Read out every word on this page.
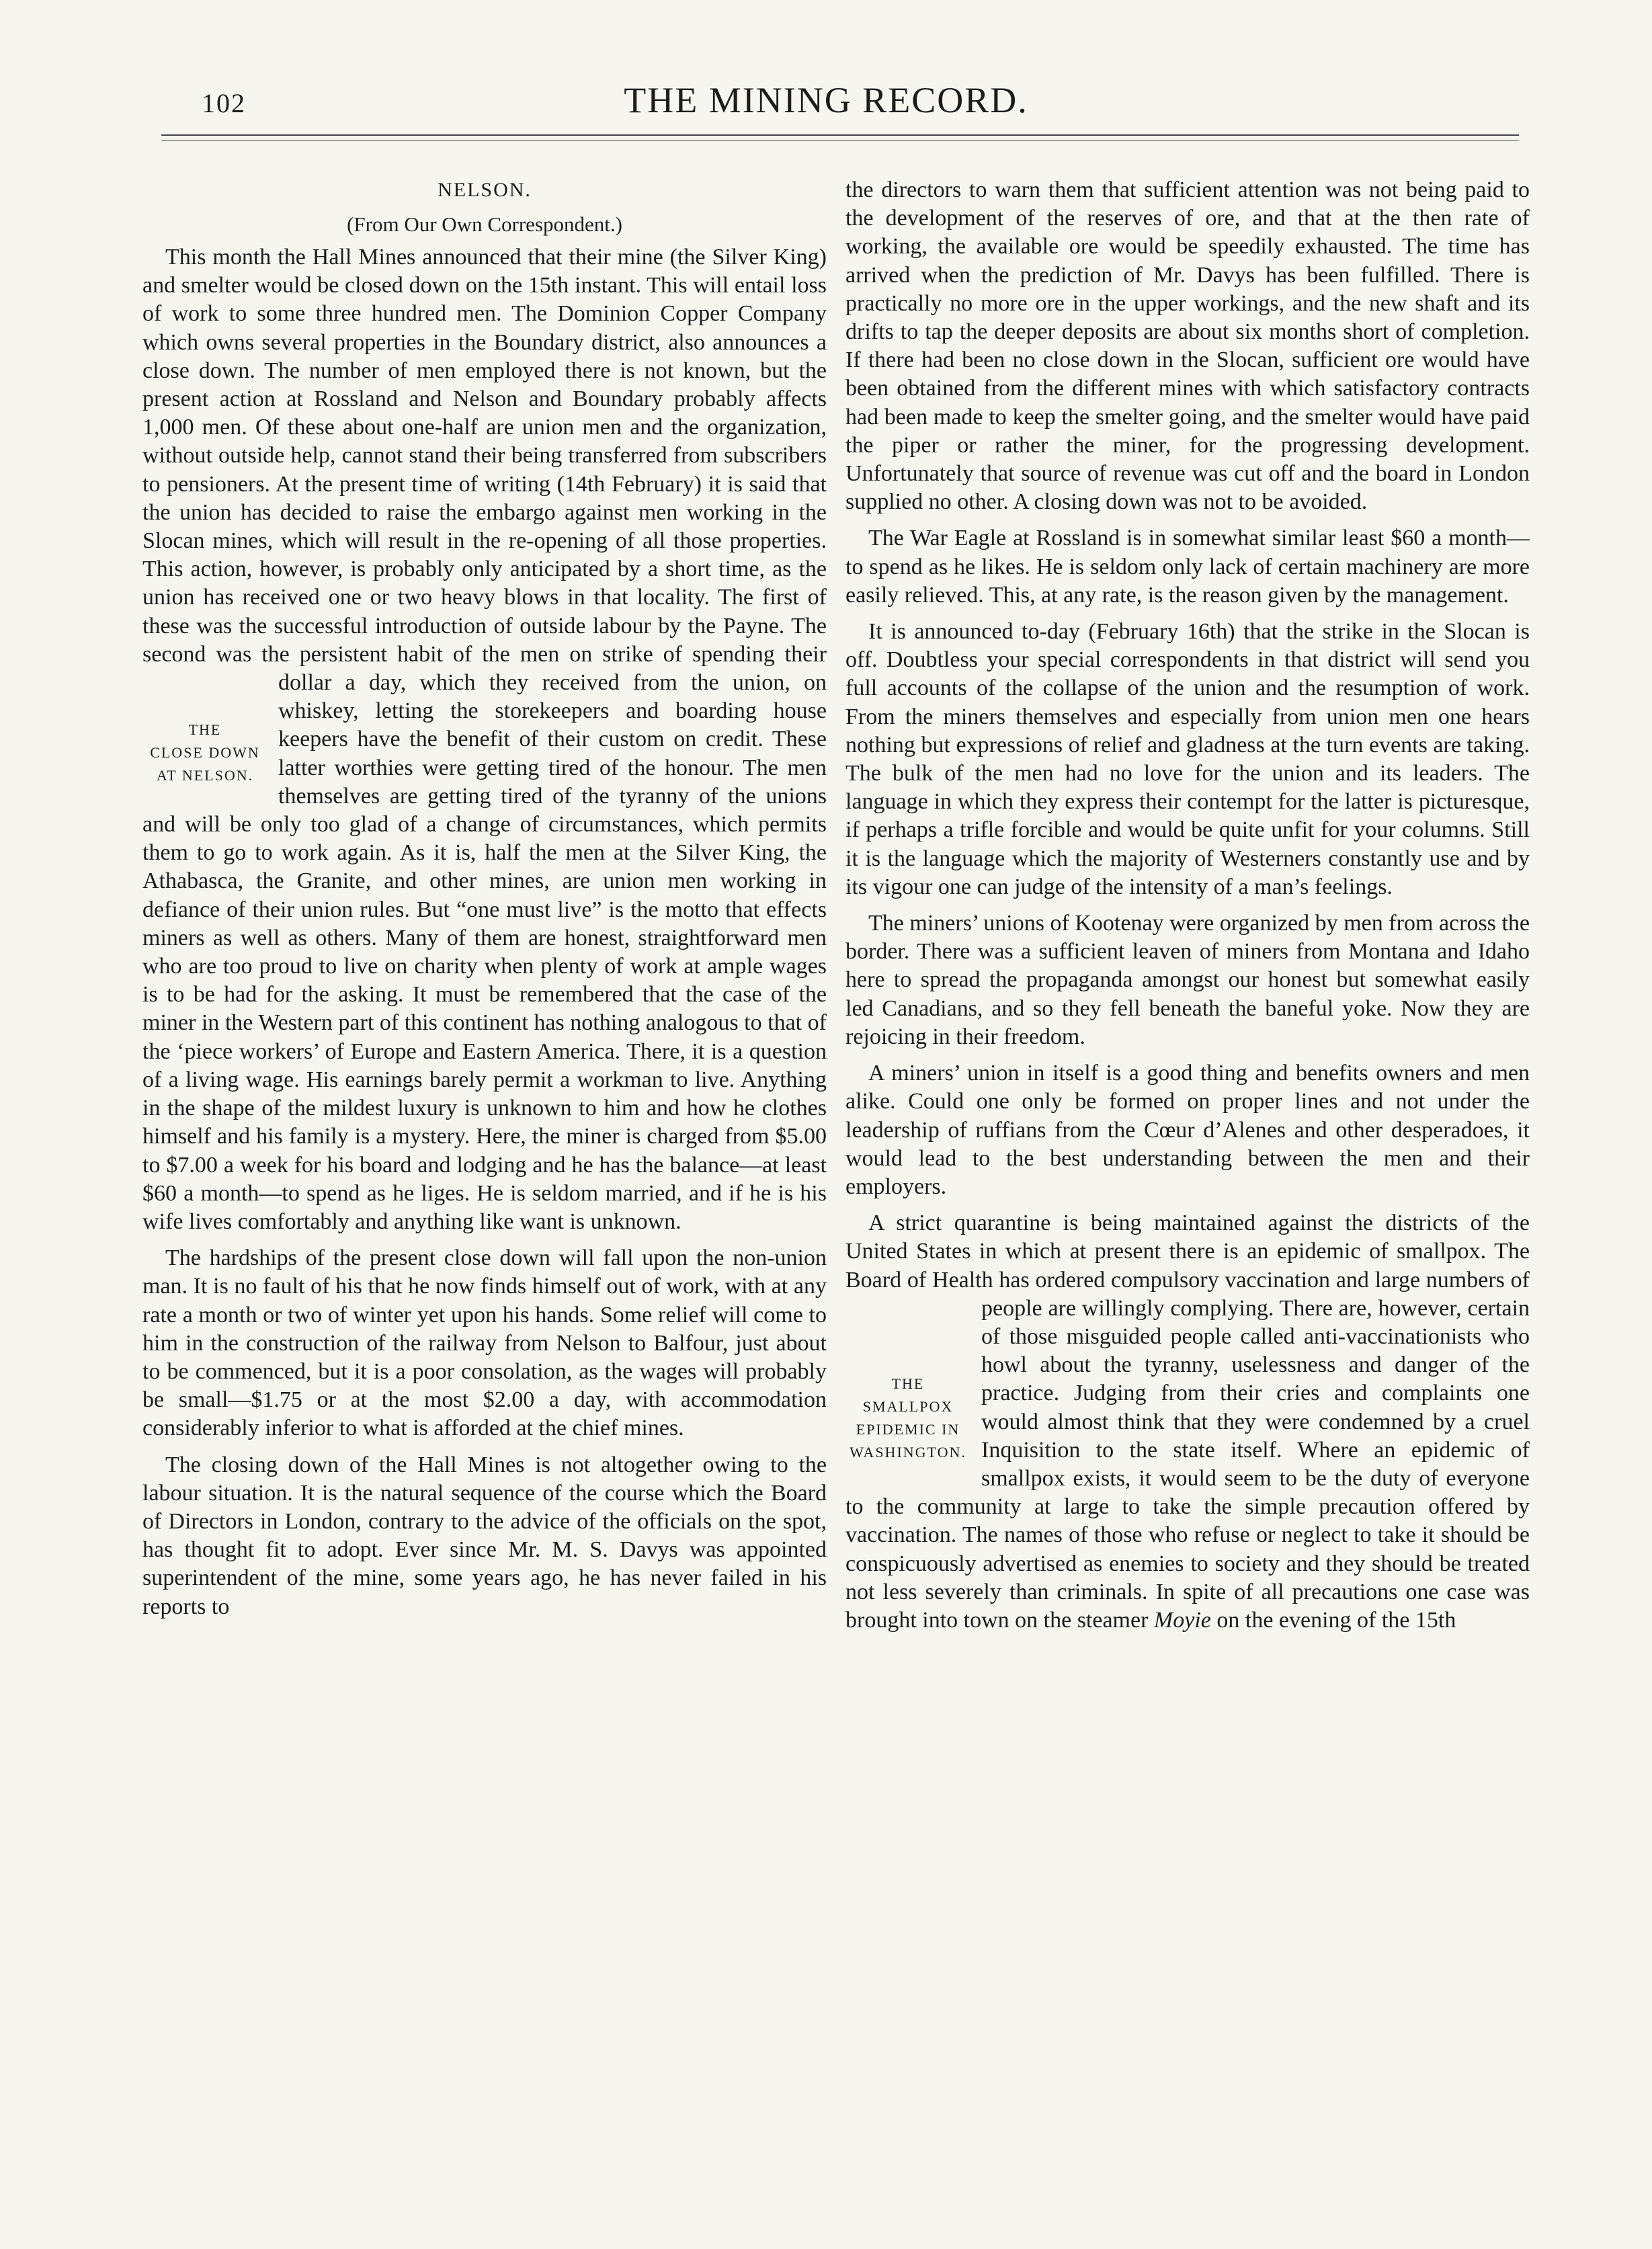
102	THE MINING RECORD.
NELSON.
(From Our Own Correspondent.)

This month the Hall Mines announced that their mine (the Silver King) and smelter would be closed down on the 15th instant. This will entail loss of work to some three hundred men. The Dominion Copper Company which owns several properties in the Boundary district, also announces a close down. The number of men employed there is not known, but the present action at Rossland and Nelson and Boundary probably affects 1,000 men. Of these about one-half are union men and the organization, without outside help, cannot stand their being transferred from subscribers to pensioners. At the present time of writing (14th February) it is said that the union has decided to raise the embargo against men working in the Slocan mines, which will result in the re-opening of all those properties. This action, however, is probably only anticipated by a short time, as the union has received one or two heavy blows in that locality. The first of these was the successful introduction of outside labour by the Payne. The second was the persistent habit of the men on strike of spending their dollar a day, which they received from the union, on
THE
CLOSE DOWN
AT NELSON.
whiskey, letting the storekeepers and boarding house keepers have the benefit of their custom on credit. These latter worthies were getting tired of the honour. The men themselves are getting tired of the tyranny of the unions and will be only too glad of a change of circumstances, which permits them to go to work again. As it is, half the men at the Silver King, the Athabasca, the Granite, and other mines, are union men working in defiance of their union rules. But “one must live” is the motto that effects miners as well as others. Many of them are honest, straightforward men who are too proud to live on charity when plenty of work at ample wages is to be had for the asking. It must be remembered that the case of the miner in the Western part of this continent has nothing analogous to that of the ‘piece workers’ of Europe and Eastern America. There, it is a question of a living wage. His earnings barely permit a workman to live. Anything in the shape of the mildest luxury is unknown to him and how he clothes himself and his family is a mystery. Here, the miner is charged from $5.00 to $7.00 a week for his board and lodging and he has the balance—at least $60 a month—to spend as he liges. He is seldom married, and if he is his wife lives comfortably and anything like want is unknown.

The hardships of the present close down will fall upon the non-union man. It is no fault of his that he now finds himself out of work, with at any rate a month or two of winter yet upon his hands. Some relief will come to him in the construction of the railway from Nelson to Balfour, just about to be commenced, but it is a poor consolation, as the wages will probably be small—$1.75 or at the most $2.00 a day, with accommodation considerably inferior to what is afforded at the chief mines.

The closing down of the Hall Mines is not altogether owing to the labour situation. It is the natural sequence of the course which the Board of Directors in London, contrary to the advice of the officials on the spot, has thought fit to adopt. Ever since Mr. M. S. Davys was appointed superintendent of the mine, some years ago, he has never failed in his reports to

the directors to warn them that sufficient attention was not being paid to the development of the reserves of ore, and that at the then rate of working, the available ore would be speedily exhausted. The time has arrived when the prediction of Mr. Davys has been fulfilled. There is practically no more ore in the upper workings, and the new shaft and its drifts to tap the deeper deposits are about six months short of completion. If there had been no close down in the Slocan, sufficient ore would have been obtained from the different mines with which satisfactory contracts had been made to keep the smelter going, and the smelter would have paid the piper or rather the miner, for the progressing development. Unfortunately that source of revenue was cut off and the board in London supplied no other. A closing down was not to be avoided.

The War Eagle at Rossland is in somewhat similar least $60 a month—to spend as he likes. He is seldom only lack of certain machinery are more easily relieved. This, at any rate, is the reason given by the management.

It is announced to-day (February 16th) that the strike in the Slocan is off. Doubtless your special correspondents in that district will send you full accounts of the collapse of the union and the resumption of work. From the miners themselves and especially from union men one hears nothing but expressions of relief and gladness at the turn events are taking. The bulk of the men had no love for the union and its leaders. The language in which they express their contempt for the latter is picturesque, if perhaps a trifle forcible and would be quite unfit for your columns. Still it is the language which the majority of Westerners constantly use and by its vigour one can judge of the intensity of a man’s feelings.

The miners’ unions of Kootenay were organized by men from across the border. There was a sufficient leaven of miners from Montana and Idaho here to spread the propaganda amongst our honest but somewhat easily led Canadians, and so they fell beneath the baneful yoke. Now they are rejoicing in their freedom.

A miners’ union in itself is a good thing and benefits owners and men alike. Could one only be formed on proper lines and not under the leadership of ruffians from the Cœur d’Alenes and other desperadoes, it would lead to the best understanding between the men and their employers.

A strict quarantine is being maintained against the districts of the United States in which at present there is an epidemic of smallpox. The Board of Health has ordered compulsory vaccination and large numbers of
THE
SMALLPOX
EPIDEMIC IN
WASHINGTON.
people are willingly complying. There are, however, certain of those misguided people called anti-vaccinationists who howl about the tyranny, uselessness and danger of the practice. Judging from their cries and complaints one would almost think that they were condemned by a cruel Inquisition to the state itself. Where an epidemic of smallpox exists, it would seem to be the duty of everyone to the community at large to take the simple precaution offered by vaccination. The names of those who refuse or neglect to take it should be conspicuously advertised as enemies to society and they should be treated not less severely than criminals. In spite of all precautions one case was brought into town on the steamer Moyie on the evening of the 15th
